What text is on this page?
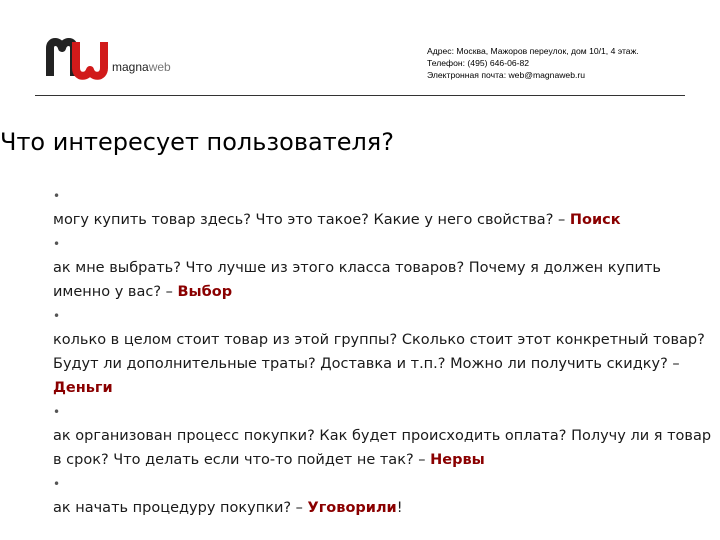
magnaweb
Адрес: Москва, Мажоров переулок, дом 10/1, 4 этаж.
Телефон: (495) 646-06-82
Электронная почта: web@magnaweb.ru
Что интересует пользователя?
•
могу купить товар здесь? Что это такое? Какие у него свойства? – Поиск
•
ак мне выбрать? Что лучше из этого класса товаров? Почему я должен купить именно у вас? – Выбор
•
колько в целом стоит товар из этой группы? Сколько стоит этот конкретный товар? Будут ли дополнительные траты? Доставка и т.п.? Можно ли получить скидку? – Деньги
•
ак организован процесс покупки? Как будет происходить оплата? Получу ли я товар в срок? Что делать если что-то пойдет не так? – Нервы
•
ак начать процедуру покупки? – Уговорили!
